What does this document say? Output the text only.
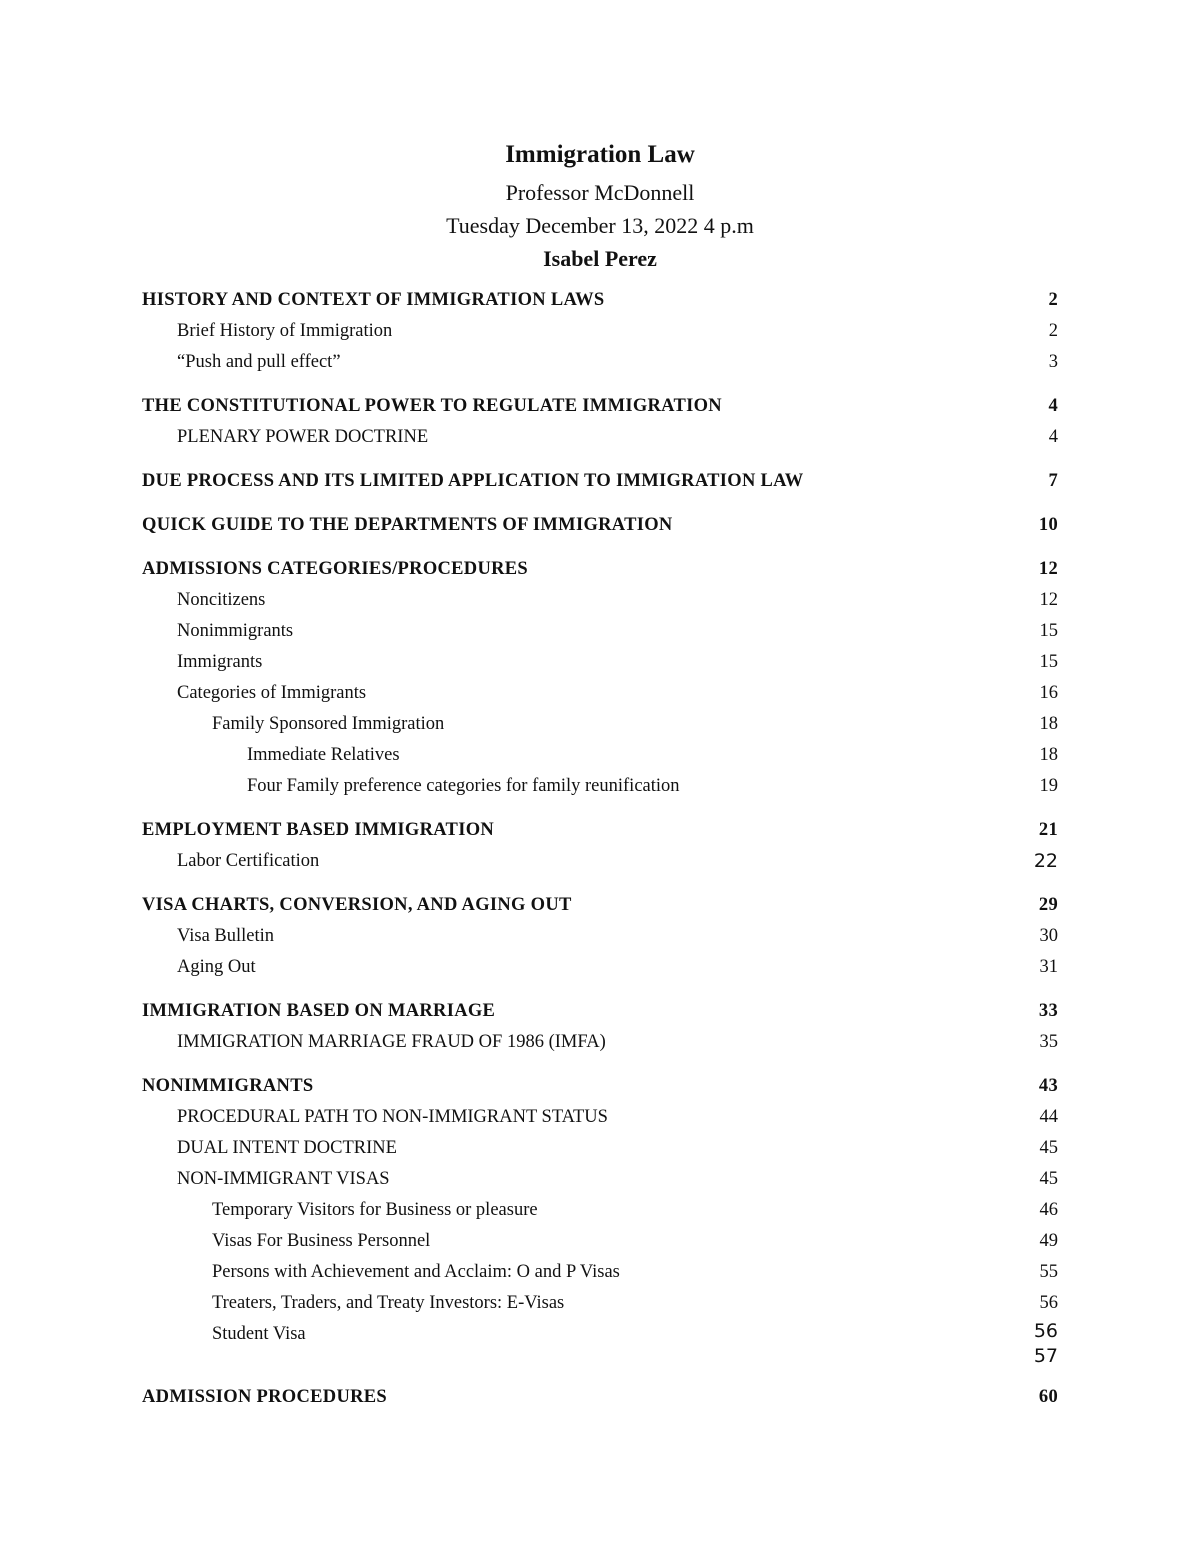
Immigration Law
Professor McDonnell
Tuesday December 13, 2022 4 p.m
Isabel Perez
HISTORY AND CONTEXT OF IMMIGRATION LAWS	2
Brief History of Immigration	2
“Push and pull effect”	3
THE CONSTITUTIONAL POWER TO REGULATE IMMIGRATION	4
PLENARY POWER DOCTRINE	4
DUE PROCESS AND ITS LIMITED APPLICATION TO IMMIGRATION LAW	7
QUICK GUIDE TO THE DEPARTMENTS OF IMMIGRATION	10
ADMISSIONS CATEGORIES/PROCEDURES	12
Noncitizens	12
Nonimmigrants	15
Immigrants	15
Categories of Immigrants	16
Family Sponsored Immigration	18
Immediate Relatives	18
Four Family preference categories for family reunification	19
EMPLOYMENT BASED IMMIGRATION	21
Labor Certification	22
VISA CHARTS, CONVERSION, AND AGING OUT	29
Visa Bulletin	30
Aging Out	31
IMMIGRATION BASED ON MARRIAGE	33
IMMIGRATION MARRIAGE FRAUD OF 1986 (IMFA)	35
NONIMMIGRANTS	43
PROCEDURAL PATH TO NON-IMMIGRANT STATUS	44
DUAL INTENT DOCTRINE	45
NON-IMMIGRANT VISAS	45
Temporary Visitors for Business or pleasure	46
Visas For Business Personnel	49
Persons with Achievement and Acclaim: O and P Visas	55
Treaters, Traders, and Treaty Investors: E-Visas	56
Student Visa	56
57
ADMISSION PROCEDURES	60
